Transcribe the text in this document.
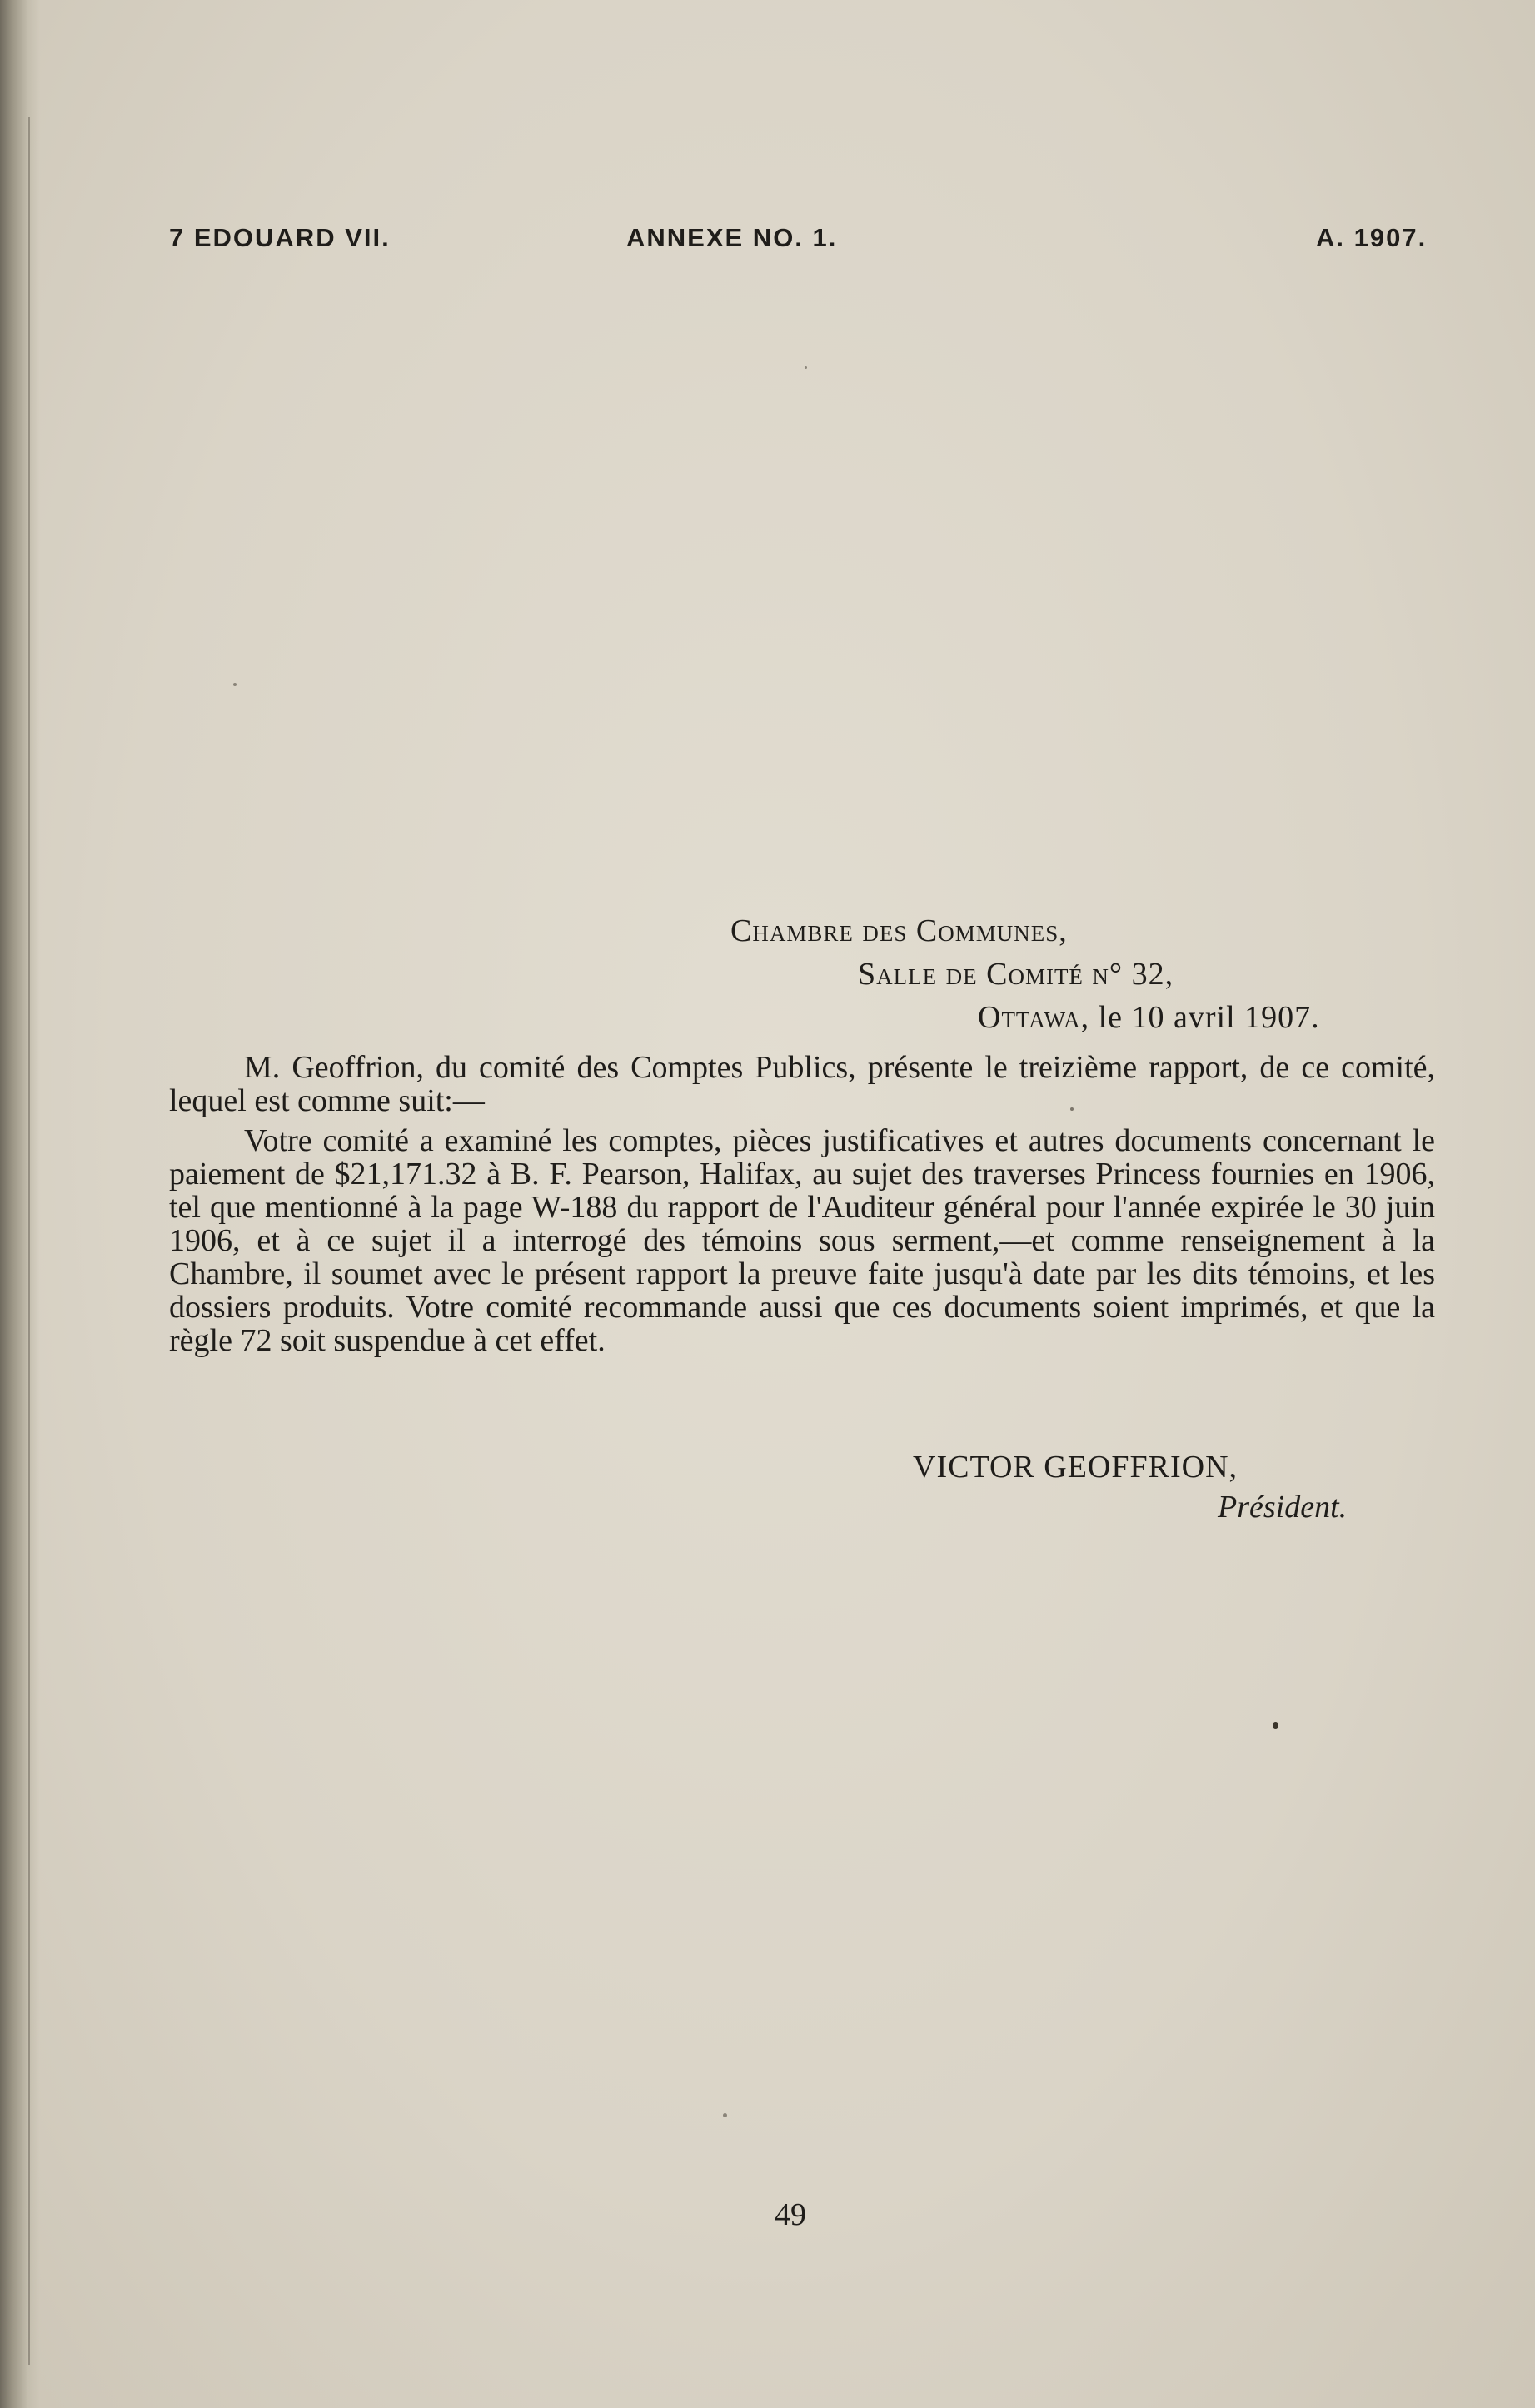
7 EDOUARD VII.	ANNEXE NO. 1.	A. 1907.
Chambre des Communes,
Salle de Comité n° 32,
Ottawa, le 10 avril 1907.

M. Geoffrion, du comité des Comptes Publics, présente le treizième rapport, de ce comité, lequel est comme suit:—

Votre comité a examiné les comptes, pièces justificatives et autres documents concernant le paiement de $21,171.32 à B. F. Pearson, Halifax, au sujet des traverses Princess fournies en 1906, tel que mentionné à la page W-188 du rapport de l'Auditeur général pour l'année expirée le 30 juin 1906, et à ce sujet il a interrogé des témoins sous serment,—et comme renseignement à la Chambre, il soumet avec le présent rapport la preuve faite jusqu'à date par les dits témoins, et les dossiers produits. Votre comité recommande aussi que ces documents soient imprimés, et que la règle 72 soit suspendue à cet effet.

VICTOR GEOFFRION,
Président.
49
